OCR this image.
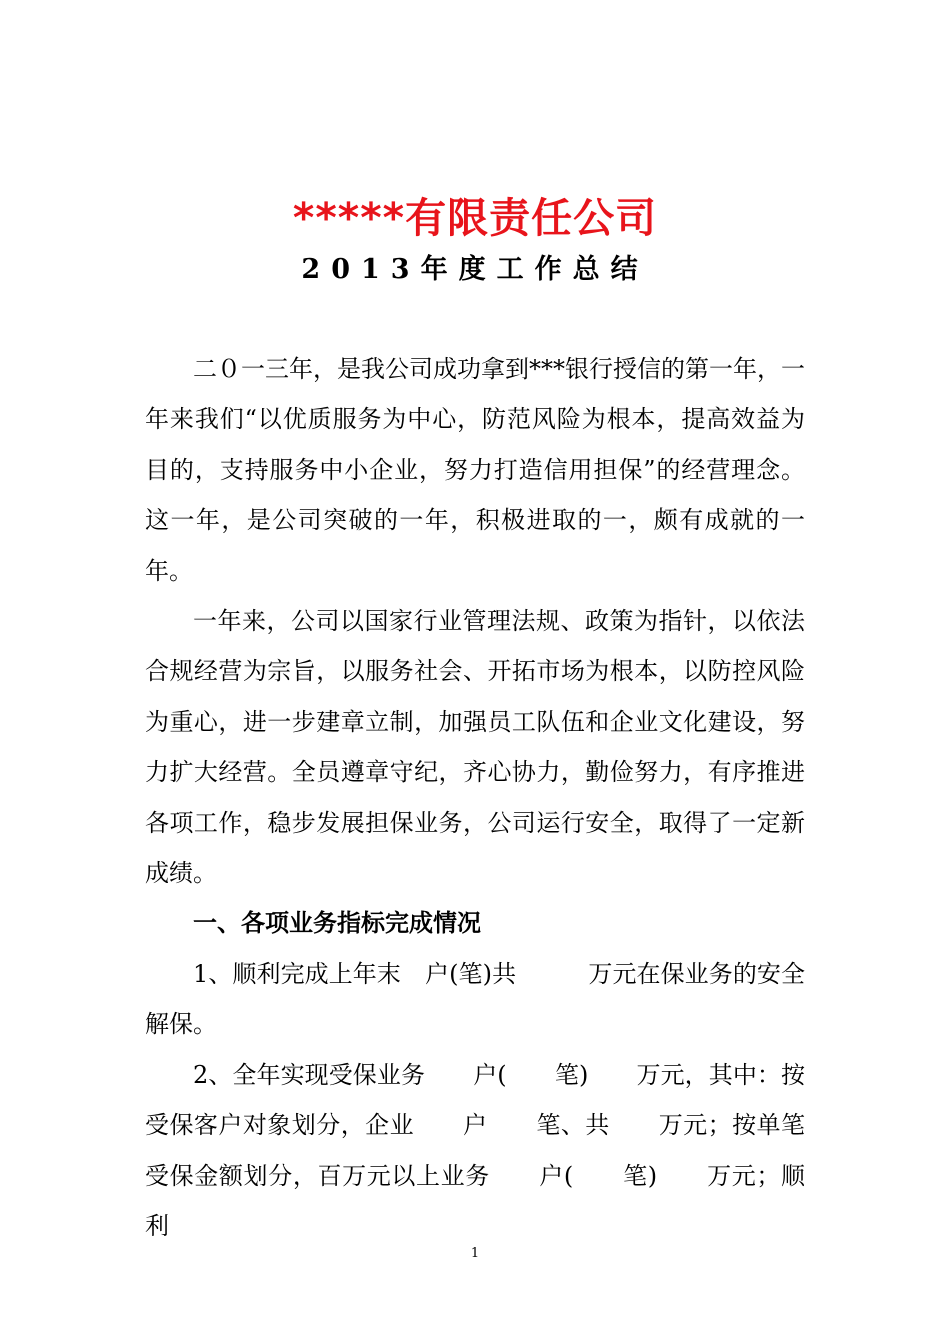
*****有限责任公司
2013年度工作总结

二０一三年，是我公司成功拿到***银行授信的第一年，一年来我们“以优质服务为中心，防范风险为根本，提高效益为目的，支持服务中小企业，努力打造信用担保”的经营理念。这一年，是公司突破的一年，积极进取的一，颇有成就的一年。

一年来，公司以国家行业管理法规、政策为指针，以依法合规经营为宗旨，以服务社会、开拓市场为根本，以防控风险为重心，进一步建章立制，加强员工队伍和企业文化建设，努力扩大经营。全员遵章守纪，齐心协力，勤俭努力，有序推进各项工作，稳步发展担保业务，公司运行安全，取得了一定新成绩。

一、各项业务指标完成情况

1、顺利完成上年末　户(笔)共　　　万元在保业务的安全解保。

2、全年实现受保业务　　户(　　笔)　　万元，其中：按受保客户对象划分，企业　　户　　笔、共　　万元；按单笔受保金额划分，百万元以上业务　　户(　　笔)　　万元；顺利

1
